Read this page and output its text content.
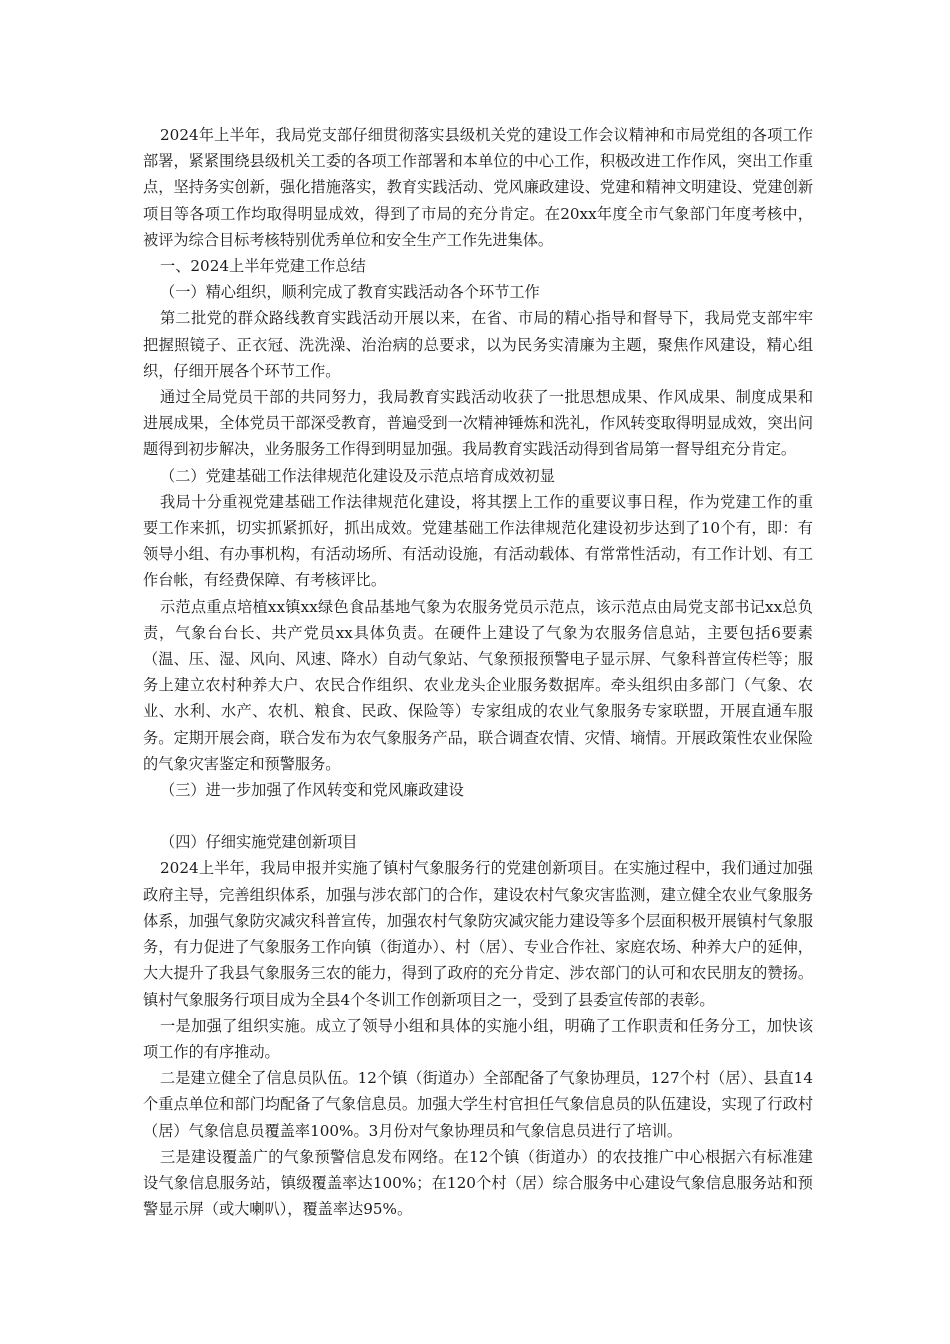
2024年上半年，我局党支部仔细贯彻落实县级机关党的建设工作会议精神和市局党组的各项工作部署，紧紧围绕县级机关工委的各项工作部署和本单位的中心工作，积极改进工作作风，突出工作重点，坚持务实创新，强化措施落实，教育实践活动、党风廉政建设、党建和精神文明建设、党建创新项目等各项工作均取得明显成效，得到了市局的充分肯定。在20xx年度全市气象部门年度考核中，被评为综合目标考核特别优秀单位和安全生产工作先进集体。

一、2024上半年党建工作总结

（一）精心组织，顺利完成了教育实践活动各个环节工作

第二批党的群众路线教育实践活动开展以来，在省、市局的精心指导和督导下，我局党支部牢牢把握照镜子、正衣冠、洗洗澡、治治病的总要求，以为民务实清廉为主题，聚焦作风建设，精心组织，仔细开展各个环节工作。

通过全局党员干部的共同努力，我局教育实践活动收获了一批思想成果、作风成果、制度成果和进展成果，全体党员干部深受教育，普遍受到一次精神锤炼和洗礼，作风转变取得明显成效，突出问题得到初步解决，业务服务工作得到明显加强。我局教育实践活动得到省局第一督导组充分肯定。

（二）党建基础工作法律规范化建设及示范点培育成效初显

我局十分重视党建基础工作法律规范化建设，将其摆上工作的重要议事日程，作为党建工作的重要工作来抓，切实抓紧抓好，抓出成效。党建基础工作法律规范化建设初步达到了10个有，即：有领导小组、有办事机构，有活动场所、有活动设施，有活动载体、有常常性活动，有工作计划、有工作台帐，有经费保障、有考核评比。

示范点重点培植xx镇xx绿色食品基地气象为农服务党员示范点，该示范点由局党支部书记xx总负责，气象台台长、共产党员xx具体负责。在硬件上建设了气象为农服务信息站，主要包括6要素（温、压、湿、风向、风速、降水）自动气象站、气象预报预警电子显示屏、气象科普宣传栏等；服务上建立农村种养大户、农民合作组织、农业龙头企业服务数据库。牵头组织由多部门（气象、农业、水利、水产、农机、粮食、民政、保险等）专家组成的农业气象服务专家联盟，开展直通车服务。定期开展会商，联合发布为农气象服务产品，联合调查农情、灾情、墒情。开展政策性农业保险的气象灾害鉴定和预警服务。

（三）进一步加强了作风转变和党风廉政建设

（四）仔细实施党建创新项目

2024上半年，我局申报并实施了镇村气象服务行的党建创新项目。在实施过程中，我们通过加强政府主导，完善组织体系，加强与涉农部门的合作，建设农村气象灾害监测，建立健全农业气象服务体系，加强气象防灾减灾科普宣传，加强农村气象防灾减灾能力建设等多个层面积极开展镇村气象服务，有力促进了气象服务工作向镇（街道办）、村（居）、专业合作社、家庭农场、种养大户的延伸，大大提升了我县气象服务三农的能力，得到了政府的充分肯定、涉农部门的认可和农民朋友的赞扬。镇村气象服务行项目成为全县4个冬训工作创新项目之一，受到了县委宣传部的表彰。

一是加强了组织实施。成立了领导小组和具体的实施小组，明确了工作职责和任务分工，加快该项工作的有序推动。

二是建立健全了信息员队伍。12个镇（街道办）全部配备了气象协理员，127个村（居）、县直14个重点单位和部门均配备了气象信息员。加强大学生村官担任气象信息员的队伍建设，实现了行政村（居）气象信息员覆盖率100%。3月份对气象协理员和气象信息员进行了培训。

三是建设覆盖广的气象预警信息发布网络。在12个镇（街道办）的农技推广中心根据六有标准建设气象信息服务站，镇级覆盖率达100%；在120个村（居）综合服务中心建设气象信息服务站和预警显示屏（或大喇叭），覆盖率达95%。
